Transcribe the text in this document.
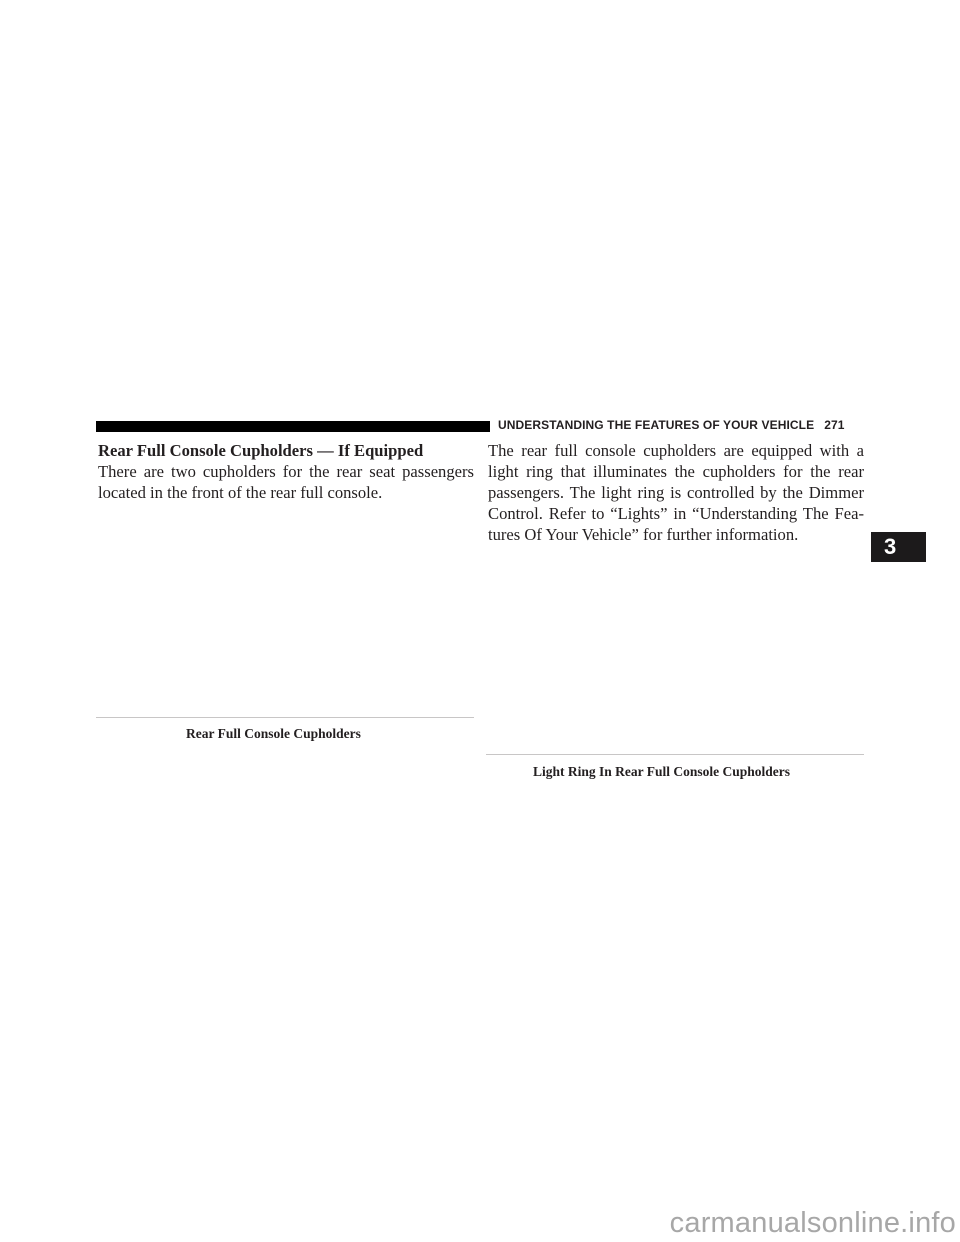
UNDERSTANDING THE FEATURES OF YOUR VEHICLE 271

Rear Full Console Cupholders — If Equipped

There are two cupholders for the rear seat passengers located in the front of the rear full console.

The rear full console cupholders are equipped with a light ring that illuminates the cupholders for the rear passengers. The light ring is controlled by the Dimmer Control. Refer to “Lights” in “Understanding The Fea-tures Of Your Vehicle” for further information.

Rear Full Console Cupholders
Light Ring In Rear Full Console Cupholders
3
carmanualsonline.info
